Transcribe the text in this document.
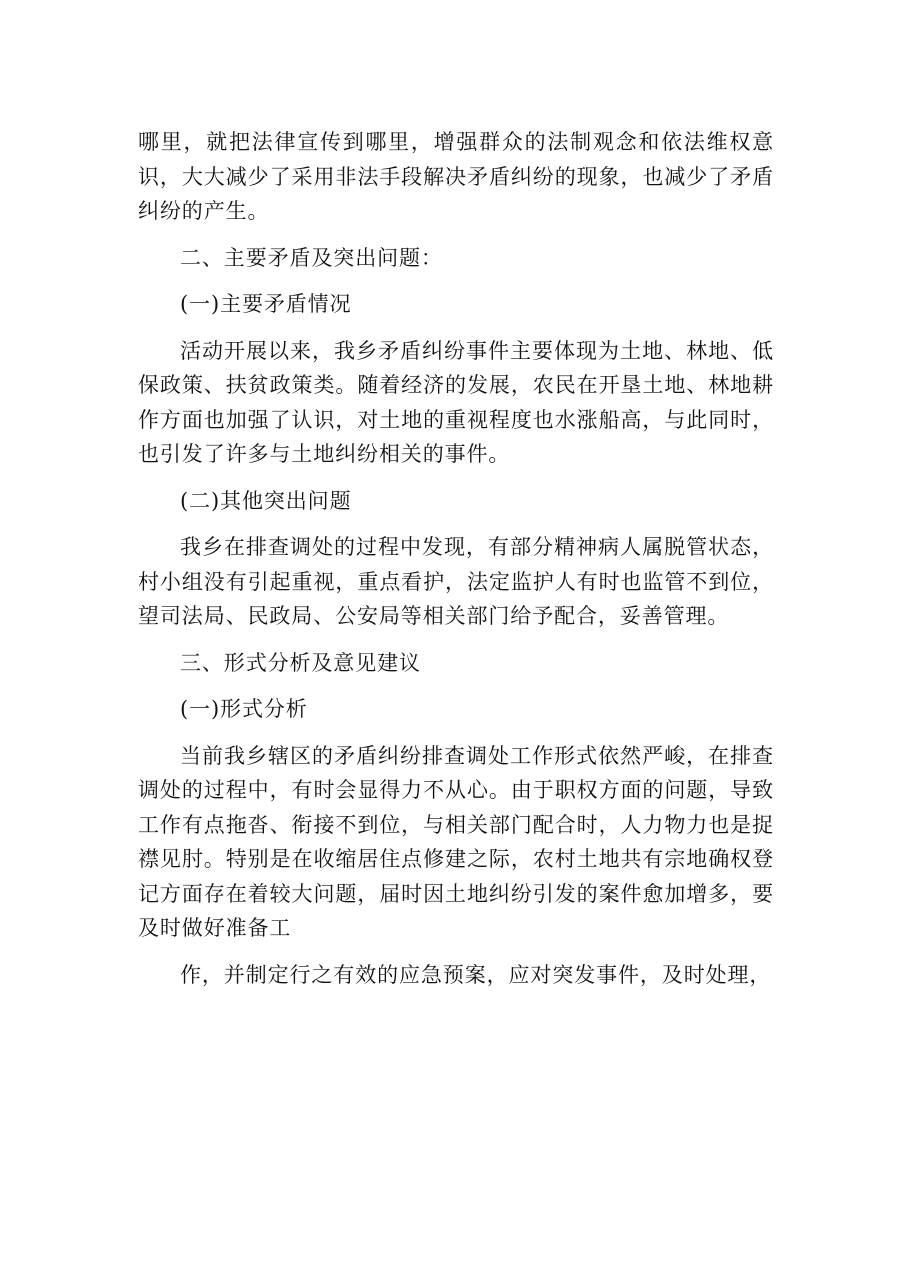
哪里，就把法律宣传到哪里，增强群众的法制观念和依法维权意识，大大减少了采用非法手段解决矛盾纠纷的现象，也减少了矛盾纠纷的产生。

二、主要矛盾及突出问题：

(一)主要矛盾情况

活动开展以来，我乡矛盾纠纷事件主要体现为土地、林地、低保政策、扶贫政策类。随着经济的发展，农民在开垦土地、林地耕作方面也加强了认识，对土地的重视程度也水涨船高，与此同时，也引发了许多与土地纠纷相关的事件。

(二)其他突出问题

我乡在排查调处的过程中发现，有部分精神病人属脱管状态，村小组没有引起重视，重点看护，法定监护人有时也监管不到位，望司法局、民政局、公安局等相关部门给予配合，妥善管理。

三、形式分析及意见建议

(一)形式分析

当前我乡辖区的矛盾纠纷排查调处工作形式依然严峻，在排查调处的过程中，有时会显得力不从心。由于职权方面的问题，导致工作有点拖沓、衔接不到位，与相关部门配合时，人力物力也是捉襟见肘。特别是在收缩居住点修建之际，农村土地共有宗地确权登记方面存在着较大问题，届时因土地纠纷引发的案件愈加增多，要及时做好准备工

作，并制定行之有效的应急预案，应对突发事件，及时处理，
